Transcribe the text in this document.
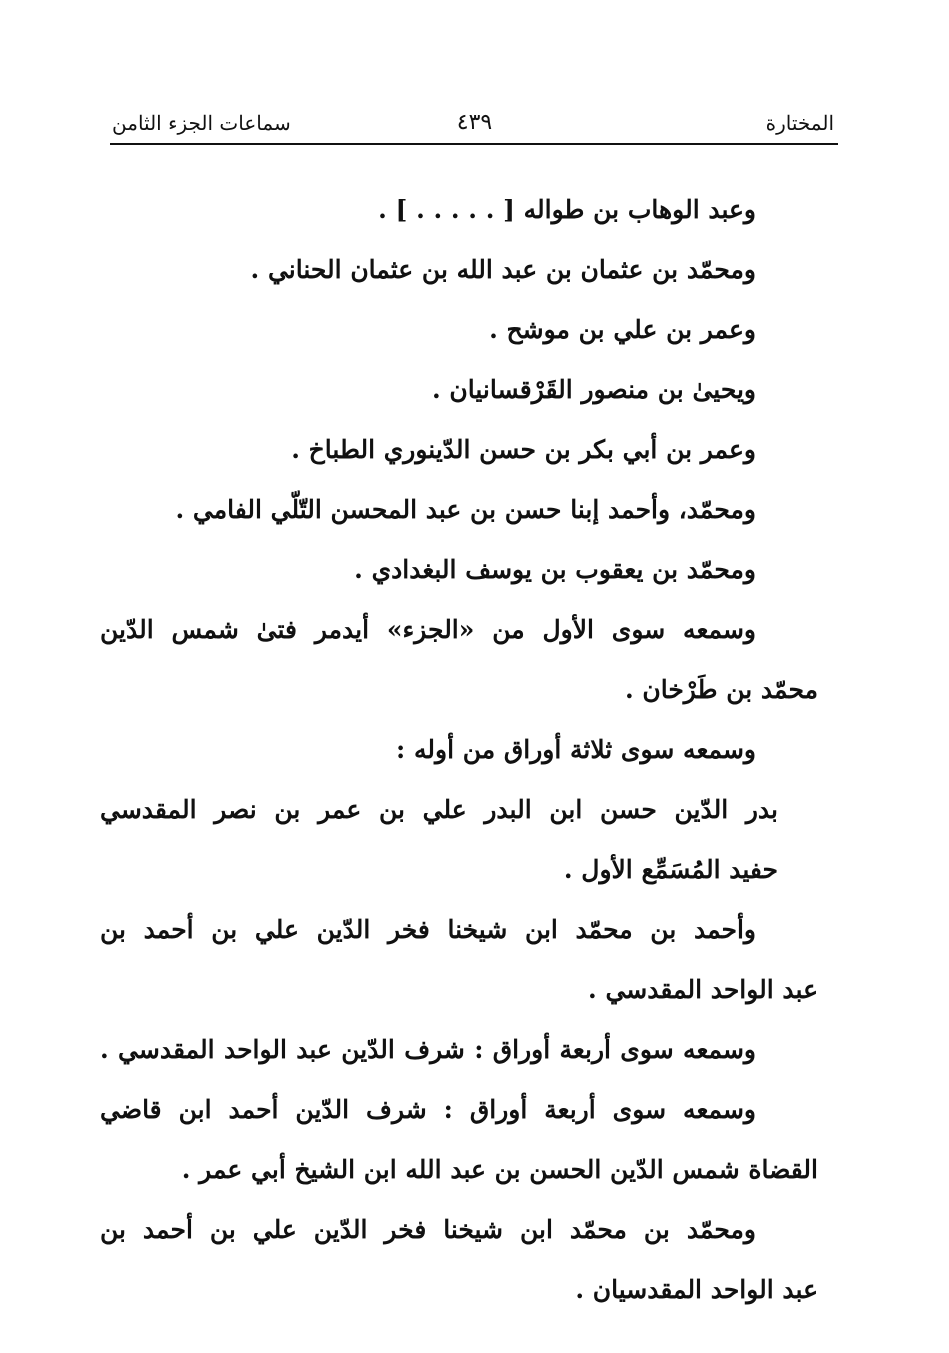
المختارة
٤٣٩
سماعات الجزء الثامن
وعبد الوهاب بن طواله [ . . . . . ] .
ومحمّد بن عثمان بن عبد الله بن عثمان الحناني .
وعمر بن علي بن موشح .
ويحيىٰ بن منصور القَرْقسانيان .
وعمر بن أبي بكر بن حسن الدّينوري الطباخ .
ومحمّد، وأحمد إبنا حسن بن عبد المحسن التّلّي الفامي .
ومحمّد بن يعقوب بن يوسف البغدادي .
وسمعه سوى الأول من «الجزء» أيدمر فتىٰ شمس الدّين
محمّد بن طَرْخان .
وسمعه سوى ثلاثة أوراق من أوله :
بدر الدّين حسن ابن البدر علي بن عمر بن نصر المقدسي
حفيد المُسَمِّع الأول .
وأحمد بن محمّد ابن شيخنا فخر الدّين علي بن أحمد بن
عبد الواحد المقدسي .
وسمعه سوى أربعة أوراق : شرف الدّين عبد الواحد المقدسي .
وسمعه سوى أربعة أوراق : شرف الدّين أحمد ابن قاضي
القضاة شمس الدّين الحسن بن عبد الله ابن الشيخ أبي عمر .
ومحمّد بن محمّد ابن شيخنا فخر الدّين علي بن أحمد بن
عبد الواحد المقدسيان .
